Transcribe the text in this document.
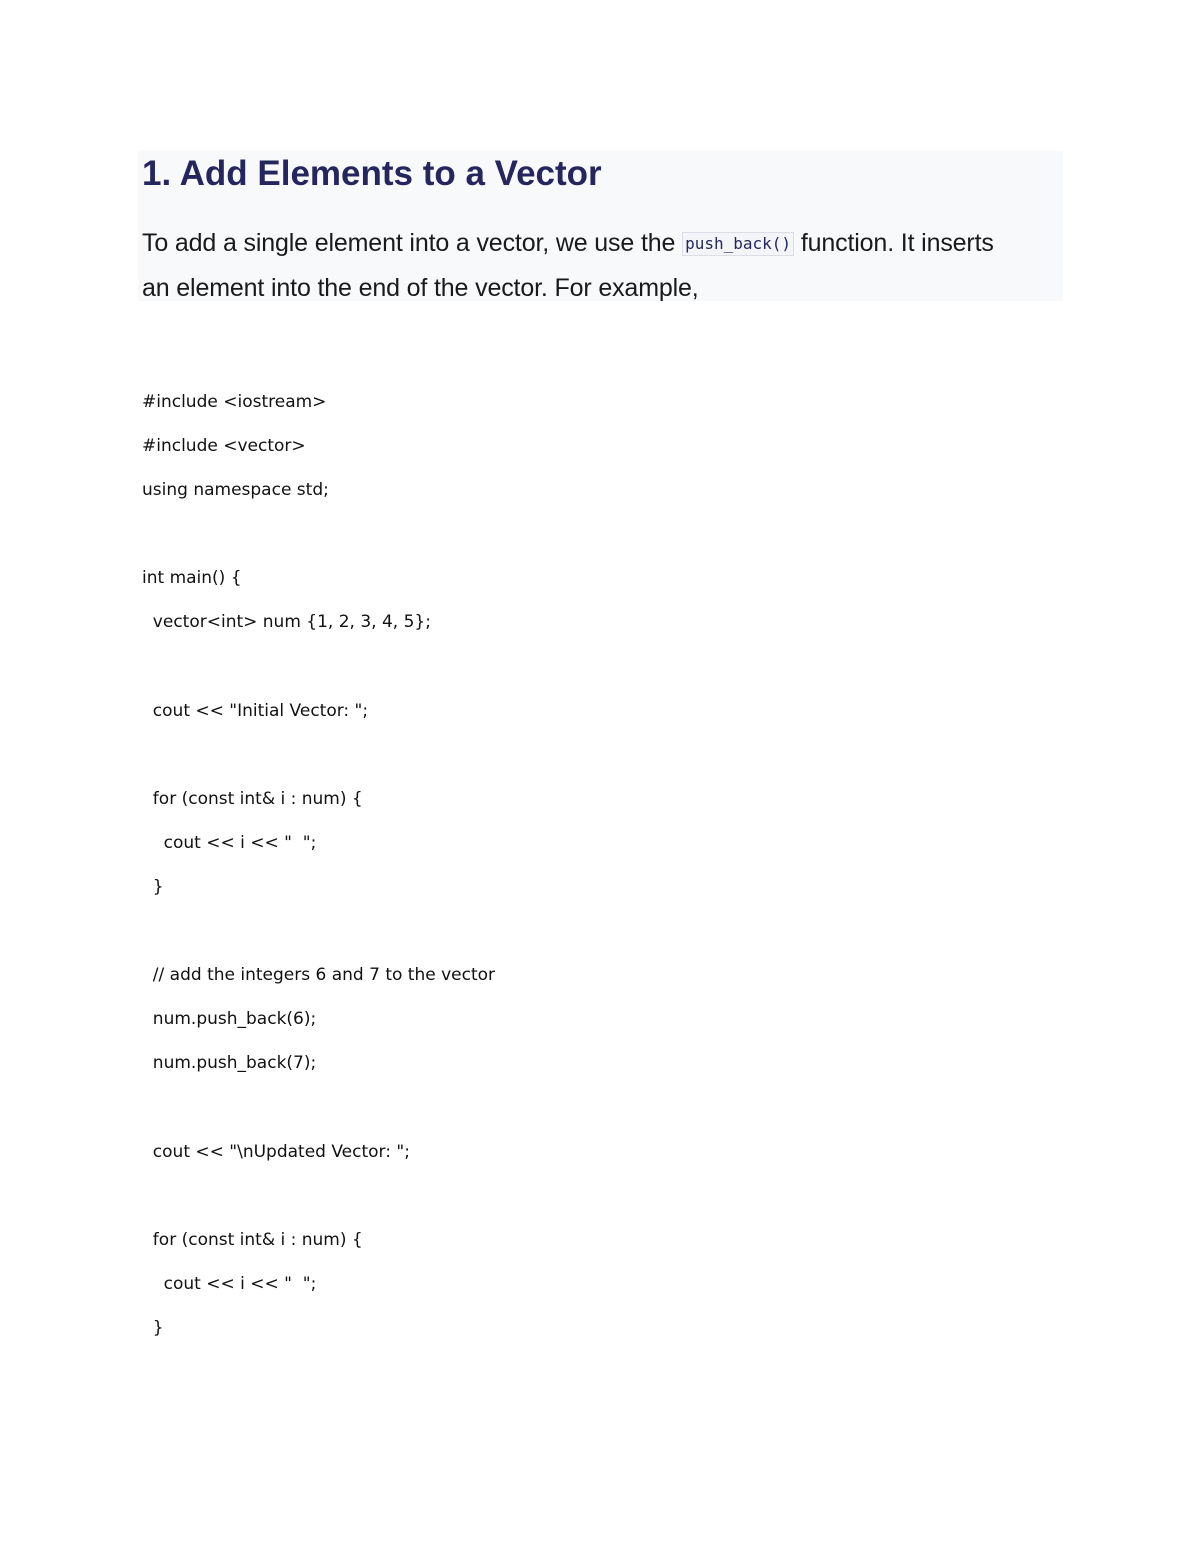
1. Add Elements to a Vector

To add a single element into a vector, we use the push_back() function. It inserts
an element into the end of the vector. For example,

#include <iostream>
#include <vector>
using namespace std;
int main() {
vector<int> num {1, 2, 3, 4, 5};
cout << "Initial Vector: ";
for (const int& i : num) {
cout << i << "  ";
}
// add the integers 6 and 7 to the vector
num.push_back(6);
num.push_back(7);
cout << "\nUpdated Vector: ";
for (const int& i : num) {
cout << i << "  ";
}
